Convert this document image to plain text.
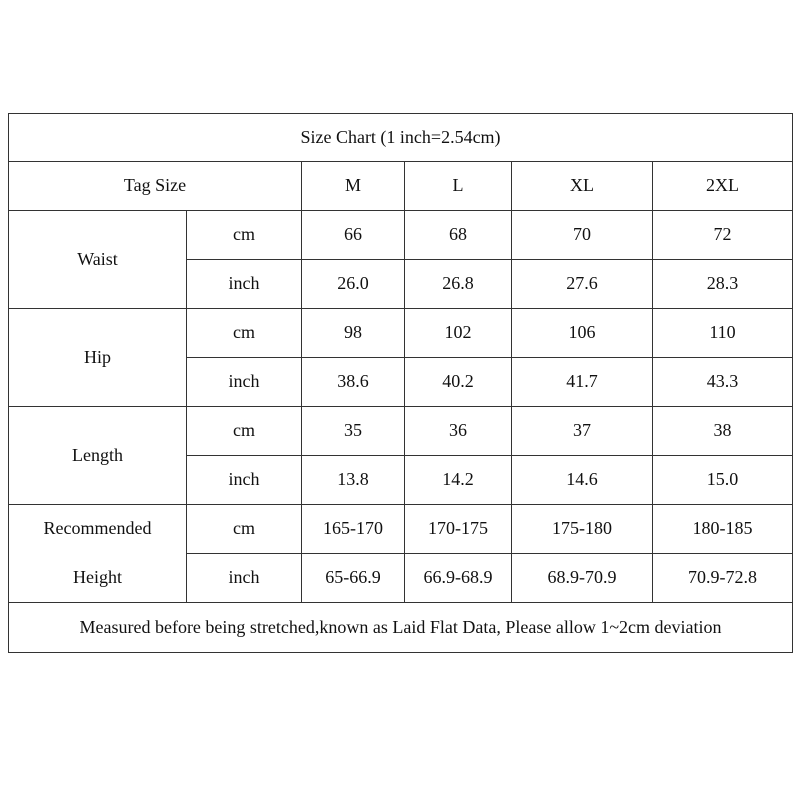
Size Chart (1 inch=2.54cm)					
Tag Size		M	L	XL	2XL
Waist	cm	66	68	70	72
	inch	26.0	26.8	27.6	28.3
Hip	cm	98	102	106	110
	inch	38.6	40.2	41.7	43.3
Length	cm	35	36	37	38
	inch	13.8	14.2	14.6	15.0
Recommended	cm	165-170	170-175	175-180	180-185
Height	inch	65-66.9	66.9-68.9	68.9-70.9	70.9-72.8
Measured before being stretched,known as Laid Flat Data, Please allow 1~2cm deviation					
